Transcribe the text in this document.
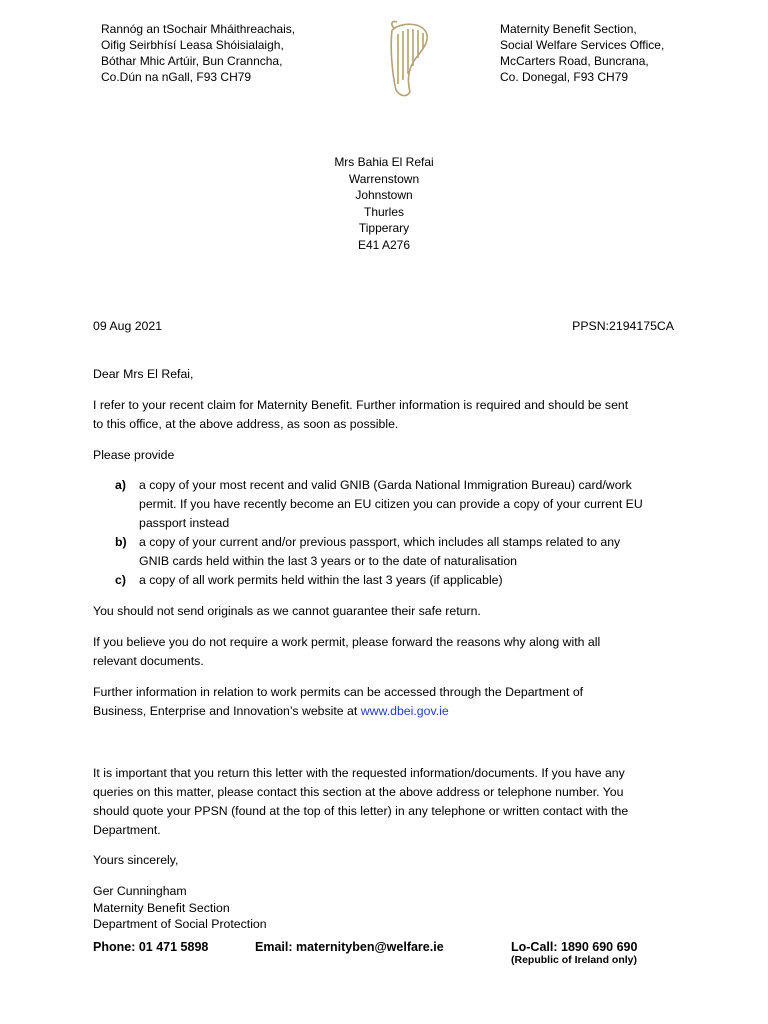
Rannóg an tSochair Mháithreachais,
Oifig Seirbhísí Leasa Shóisialaigh,
Bóthar Mhic Artúir, Bun Cranncha,
Co.Dún na nGall, F93 CH79
Maternity Benefit Section,
Social Welfare Services Office,
McCarters Road, Buncrana,
Co. Donegal, F93 CH79
Mrs Bahia El Refai
Warrenstown
Johnstown
Thurles
Tipperary
E41 A276
09 Aug 2021	PPSN:2194175CA
Dear Mrs El Refai,
I refer to your recent claim for Maternity Benefit. Further information is required and should be sent
to this office, at the above address, as soon as possible.
Please provide
a) a copy of your most recent and valid GNIB (Garda National Immigration Bureau) card/work
permit. If you have recently become an EU citizen you can provide a copy of your current EU
passport instead
b) a copy of your current and/or previous passport, which includes all stamps related to any
GNIB cards held within the last 3 years or to the date of naturalisation
c) a copy of all work permits held within the last 3 years (if applicable)
You should not send originals as we cannot guarantee their safe return.
If you believe you do not require a work permit, please forward the reasons why along with all
relevant documents.
Further information in relation to work permits can be accessed through the Department of
Business, Enterprise and Innovation’s website at www.dbei.gov.ie
It is important that you return this letter with the requested information/documents. If you have any
queries on this matter, please contact this section at the above address or telephone number. You
should quote your PPSN (found at the top of this letter) in any telephone or written contact with the
Department.
Yours sincerely,
Ger Cunningham
Maternity Benefit Section
Department of Social Protection
Phone: 01 471 5898	Email: maternityben@welfare.ie	Lo-Call: 1890 690 690
(Republic of Ireland only)
